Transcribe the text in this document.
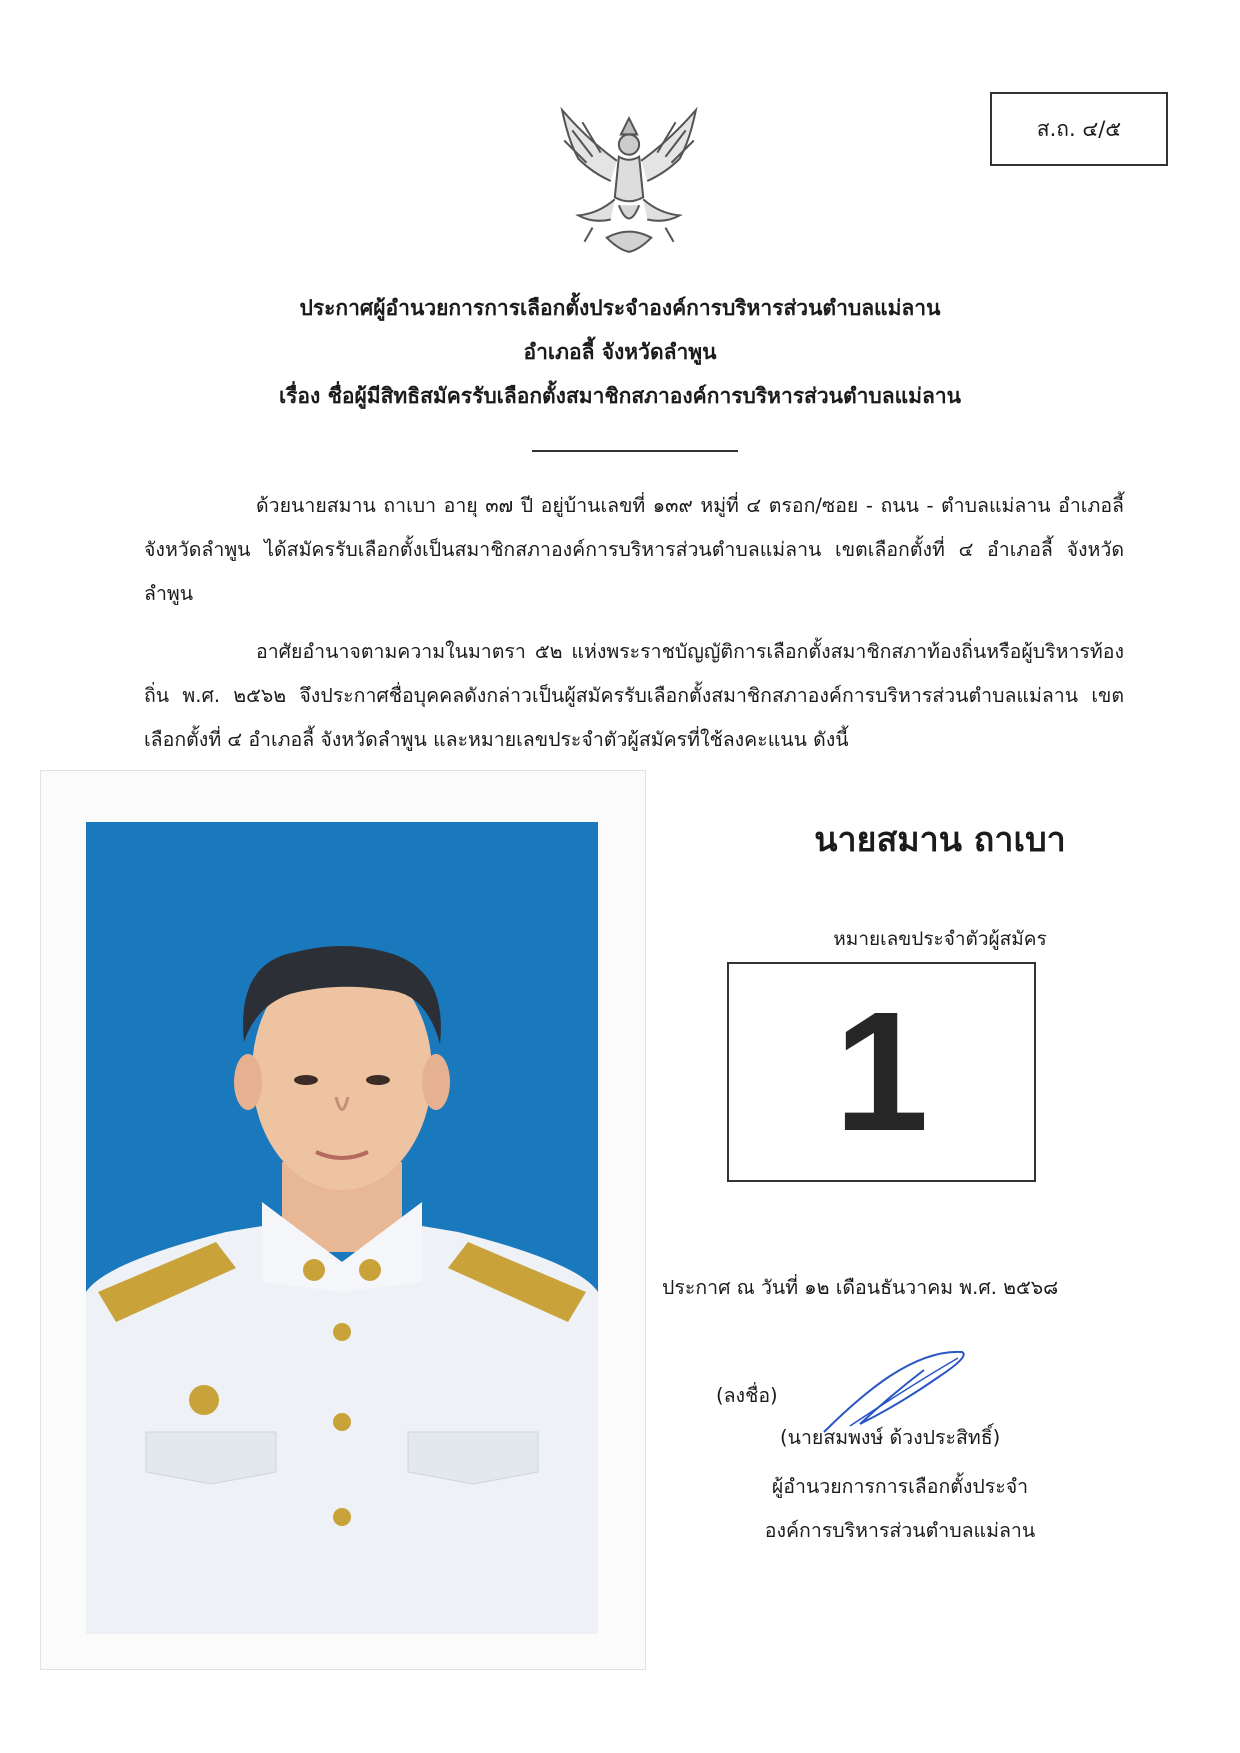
ส.ถ. ๔/๕
ประกาศผู้อำนวยการการเลือกตั้งประจำองค์การบริหารส่วนตำบลแม่ลาน
อำเภอลี้ จังหวัดลำพูน
เรื่อง ชื่อผู้มีสิทธิสมัครรับเลือกตั้งสมาชิกสภาองค์การบริหารส่วนตำบลแม่ลาน
ด้วยนายสมาน ถาเบา อายุ ๓๗ ปี อยู่บ้านเลขที่ ๑๓๙ หมู่ที่ ๔ ตรอก/ซอย - ถนน - ตำบลแม่ลาน อำเภอลี้ จังหวัดลำพูน ได้สมัครรับเลือกตั้งเป็นสมาชิกสภาองค์การบริหารส่วนตำบลแม่ลาน เขตเลือกตั้งที่ ๔ อำเภอลี้ จังหวัดลำพูน
อาศัยอำนาจตามความในมาตรา ๕๒ แห่งพระราชบัญญัติการเลือกตั้งสมาชิกสภาท้องถิ่นหรือผู้บริหารท้องถิ่น พ.ศ. ๒๕๖๒ จึงประกาศชื่อบุคคลดังกล่าวเป็นผู้สมัครรับเลือกตั้งสมาชิกสภาองค์การบริหารส่วนตำบลแม่ลาน เขตเลือกตั้งที่ ๔ อำเภอลี้ จังหวัดลำพูน และหมายเลขประจำตัวผู้สมัครที่ใช้ลงคะแนน ดังนี้
นายสมาน ถาเบา
หมายเลขประจำตัวผู้สมัคร
1
ประกาศ ณ วันที่ ๑๒ เดือนธันวาคม พ.ศ. ๒๕๖๘
(ลงชื่อ)
(นายสมพงษ์ ด้วงประสิทธิ์)
ผู้อำนวยการการเลือกตั้งประจำ
องค์การบริหารส่วนตำบลแม่ลาน
